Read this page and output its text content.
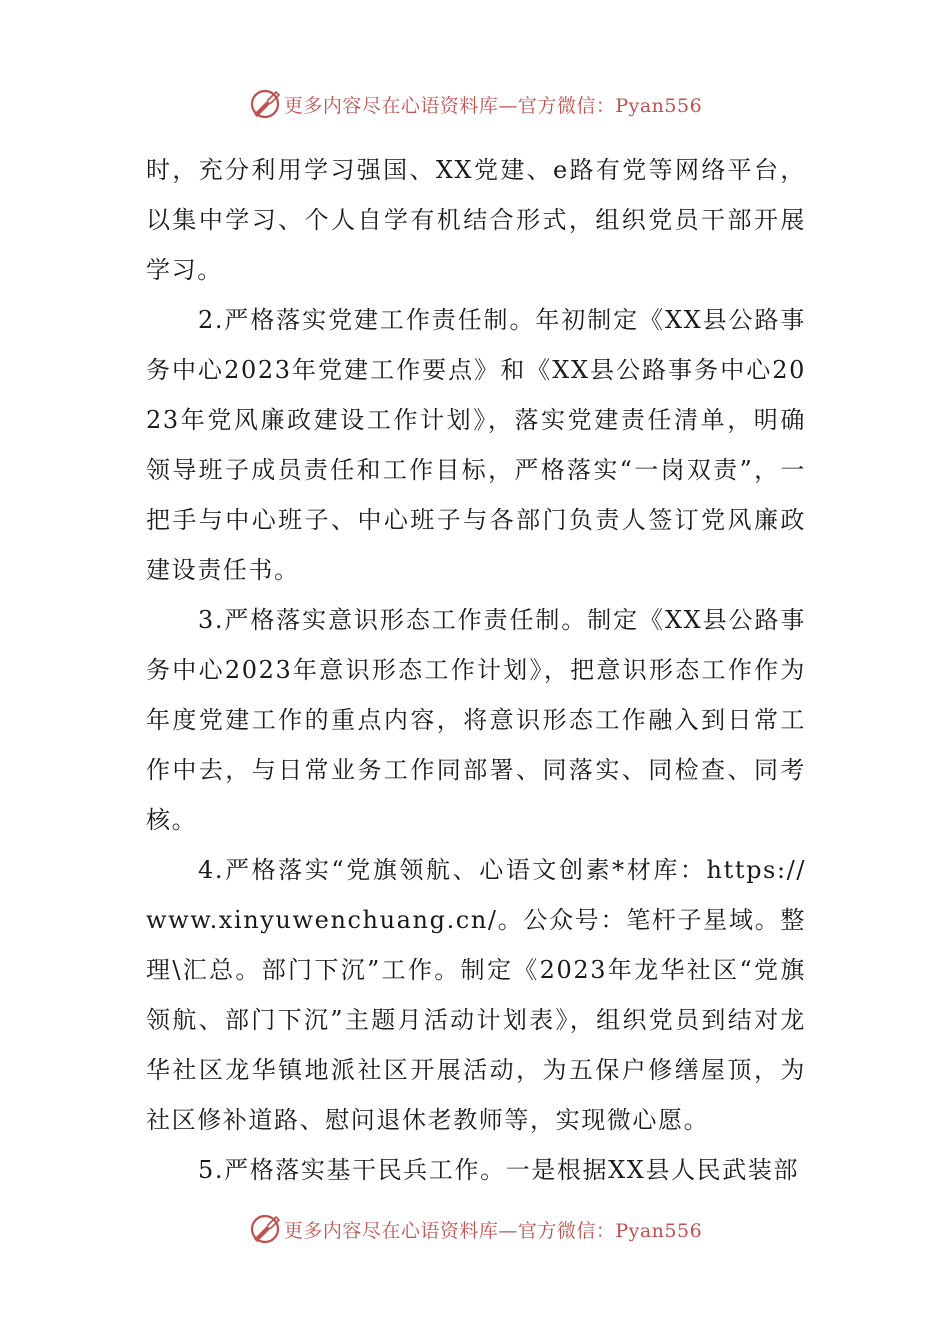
更多内容尽在心语资料库—官方微信：Pyan556

时，充分利用学习强国、XX党建、e路有党等网络平台，以集中学习、个人自学有机结合形式，组织党员干部开展学习。

2.严格落实党建工作责任制。年初制定《XX县公路事务中心2023年党建工作要点》和《XX县公路事务中心2023年党风廉政建设工作计划》，落实党建责任清单，明确领导班子成员责任和工作目标，严格落实“一岗双责”，一把手与中心班子、中心班子与各部门负责人签订党风廉政建设责任书。

3.严格落实意识形态工作责任制。制定《XX县公路事务中心2023年意识形态工作计划》，把意识形态工作作为年度党建工作的重点内容，将意识形态工作融入到日常工作中去，与日常业务工作同部署、同落实、同检查、同考核。

4.严格落实“党旗领航、心语文创素*材库：https://www.xinyuwenchuang.cn/。公众号：笔杆子星域。整理\汇总。部门下沉”工作。制定《2023年龙华社区“党旗领航、部门下沉”主题月活动计划表》，组织党员到结对龙华社区龙华镇地派社区开展活动，为五保户修缮屋顶，为社区修补道路、慰问退休老教师等，实现微心愿。

5.严格落实基干民兵工作。一是根据XX县人民武装部

更多内容尽在心语资料库—官方微信：Pyan556
